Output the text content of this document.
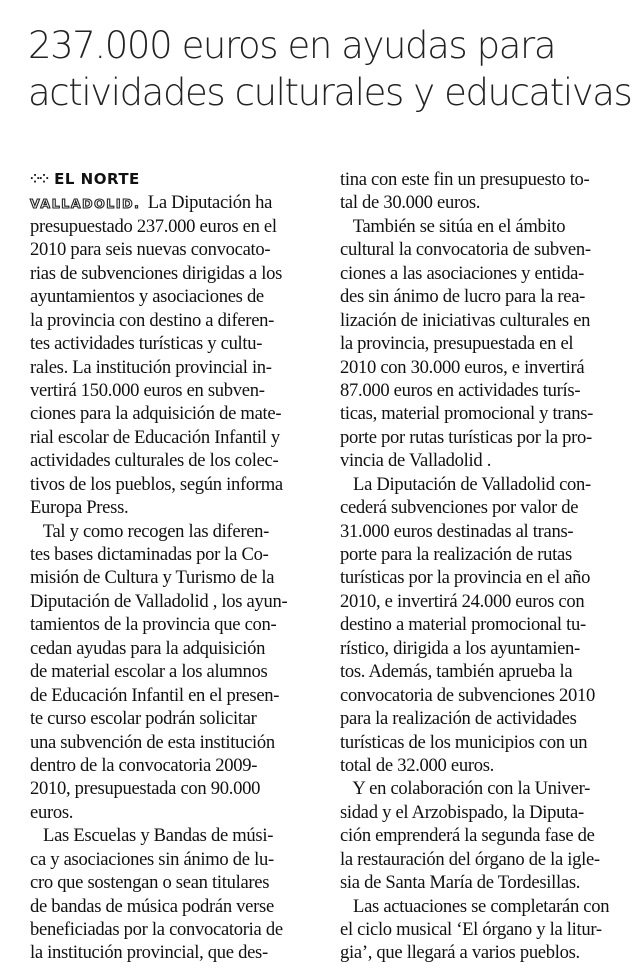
237.000 euros en ayudas para
actividades culturales y educativas
⁘⁘ EL NORTE
VALLADOLID. La Diputación ha
presupuestado 237.000 euros en el
2010 para seis nuevas convocato-
rias de subvenciones dirigidas a los
ayuntamientos y asociaciones de
la provincia con destino a diferen-
tes actividades turísticas y cultu-
rales. La institución provincial in-
vertirá 150.000 euros en subven-
ciones para la adquisición de mate-
rial escolar de Educación Infantil y
actividades culturales de los colec-
tivos de los pueblos, según informa
Europa Press.
Tal y como recogen las diferen-
tes bases dictaminadas por la Co-
misión de Cultura y Turismo de la
Diputación de Valladolid , los ayun-
tamientos de la provincia que con-
cedan ayudas para la adquisición
de material escolar a los alumnos
de Educación Infantil en el presen-
te curso escolar podrán solicitar
una subvención de esta institución
dentro de la convocatoria 2009-
2010, presupuestada con 90.000
euros.
Las Escuelas y Bandas de músi-
ca y asociaciones sin ánimo de lu-
cro que sostengan o sean titulares
de bandas de música podrán verse
beneficiadas por la convocatoria de
la institución provincial, que des-
tina con este fin un presupuesto to-
tal de 30.000 euros.
También se sitúa en el ámbito
cultural la convocatoria de subven-
ciones a las asociaciones y entida-
des sin ánimo de lucro para la rea-
lización de iniciativas culturales en
la provincia, presupuestada en el
2010 con 30.000 euros, e invertirá
87.000 euros en actividades turís-
ticas, material promocional y trans-
porte por rutas turísticas por la pro-
vincia de Valladolid .
La Diputación de Valladolid con-
cederá subvenciones por valor de
31.000 euros destinadas al trans-
porte para la realización de rutas
turísticas por la provincia en el año
2010, e invertirá 24.000 euros con
destino a material promocional tu-
rístico, dirigida a los ayuntamien-
tos. Además, también aprueba la
convocatoria de subvenciones 2010
para la realización de actividades
turísticas de los municipios con un
total de 32.000 euros.
Y en colaboración con la Univer-
sidad y el Arzobispado, la Diputa-
ción emprenderá la segunda fase de
la restauración del órgano de la igle-
sia de Santa María de Tordesillas.
Las actuaciones se completarán con
el ciclo musical ‘El órgano y la litur-
gia’, que llegará a varios pueblos.
